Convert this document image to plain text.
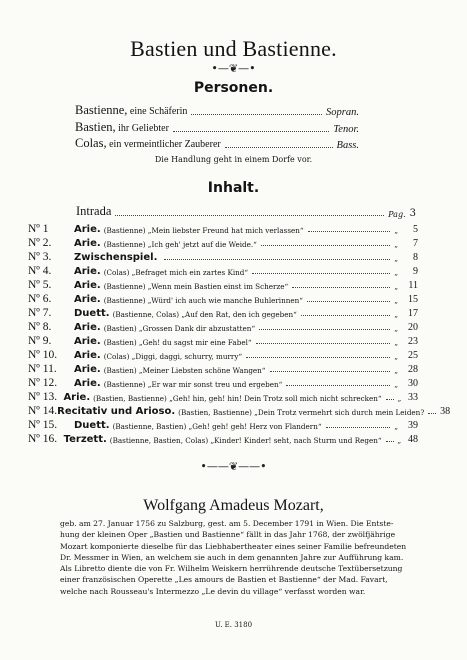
Bastien und Bastienne.
•—❦—•
Personen.
Bastienne, eine Schäferin	Sopran.
Bastien, ihr Geliebter	Tenor.
Colas, ein vermeintlicher Zauberer	Bass.
Die Handlung geht in einem Dorfe vor.
Inhalt.
Intrada	Pag. 3
Nº 1	Arie. (Bastienne) „Mein liebster Freund hat mich verlassen“	„	5
Nº 2.	Arie. (Bastienne) „Ich geh' jetzt auf die Weide.“	„	7
Nº 3.	Zwischenspiel.	„	8
Nº 4.	Arie. (Colas) „Befraget mich ein zartes Kind“	„	9
Nº 5.	Arie. (Bastienne) „Wenn mein Bastien einst im Scherze“	„	11
Nº 6.	Arie. (Bastienne) „Würd' ich auch wie manche Buhlerinnen“	„	15
Nº 7.	Duett. (Bastienne, Colas) „Auf den Rat, den ich gegeben“	„	17
Nº 8.	Arie. (Bastien) „Grossen Dank dir abzustatten“	„	20
Nº 9.	Arie. (Bastien) „Geh! du sagst mir eine Fabel“	„	23
Nº 10.	Arie. (Colas) „Diggi, daggi, schurry, murry“	„	25
Nº 11.	Arie. (Bastien) „Meiner Liebsten schöne Wangen“	„	28
Nº 12.	Arie. (Bastienne) „Er war mir sonst treu und ergeben“	„	30
Nº 13. Arie. (Bastien, Bastienne) „Geh! hin, geh! hin! Dein Trotz soll mich nicht schrecken“ „ 33
Nº 14. Recitativ und Arioso. (Bastien, Bastienne) „Dein Trotz vermehrt sich durch mein Leiden? 38
Nº 15.	Duett. (Bastienne, Bastien) „Geh! geh! geh! Herz von Flandern“	„	39
Nº 16. Terzett. (Bastienne, Bastien, Colas) „Kinder! Kinder! seht, nach Sturm und Regen“ „ 48
•——❦——•
Wolfgang Amadeus Mozart,
geb. am 27. Januar 1756 zu Salzburg, gest. am 5. December 1791 in Wien. Die Entste-
hung der kleinen Oper „Bastien und Bastienne“ fällt in das Jahr 1768, der zwölfjährige
Mozart komponierte dieselbe für das Liebhabertheater eines seiner Familie befreundeten
Dr. Messmer in Wien, an welchem sie auch in dem genannten Jahre zur Aufführung kam.
Als Libretto diente die von Fr. Wilhelm Weiskern herrührende deutsche Textübersetzung
einer französischen Operette „Les amours de Bastien et Bastienne“ der Mad. Favart,
welche nach Rousseau's Intermezzo „Le devin du village“ verfasst worden war.
U. E. 3180
